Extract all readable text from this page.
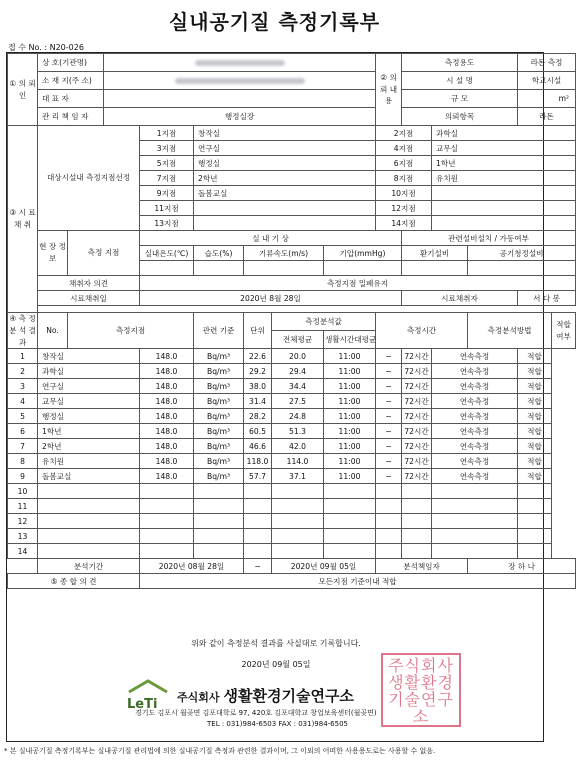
실내공기질 측정기록부
접 수 No. : N20-026
① 의 뢰 인	상 호(기관명)								② 의 뢰 내 용	측정용도			라돈 측정	
	소 재 지(주 소)									시 설 명			학교시설	
	대 표 자									규 모			m²	
	관 리 책 임 자		행정실장							의뢰항목			라돈	
③ 시 료 채 취	대상시설내 측정지점선정			1지점	창작실				2지점		과학실			
				3지점	연구실				4지점		교무실			
				5지점	행정실				6지점		1학년			
				7지점	2학년				8지점		유치원			
				9지점	돌봄교실				10지점					
				11지점					12지점					
				13지점					14지점					
	현 장 정 보	측정 지점		실 내 기 상						관련설비설치 / 가동여부				
				실내온도(℃)	습도(%)	기류속도(m/s)		기압(mmHg)		환기설비		공기청정설비		

	채취자 의견			측정지점 밀폐유지										
	시료채취일			2020년 8월 28일						시료채취자			서 다 봉	

④ 측 정 분 석 결 과	No.	측정지점			관련 기준	단위	측정분석값		측정시간			측정분석방법		적합 여부
							전체평균	생활시간대평균						
1	창작실			148.0	Bq/m³	22.6	20.0	11:00	~	72시간	연속측정		적합	
2	과학실			148.0	Bq/m³	29.2	29.4	11:00	~	72시간	연속측정		적합	
3	연구실			148.0	Bq/m³	38.0	34.4	11:00	~	72시간	연속측정		적합	
4	교무실			148.0	Bq/m³	31.4	27.5	11:00	~	72시간	연속측정		적합	
5	행정실			148.0	Bq/m³	28.2	24.8	11:00	~	72시간	연속측정		적합	
6	1학년			148.0	Bq/m³	60.5	51.3	11:00	~	72시간	연속측정		적합	
7	2학년			148.0	Bq/m³	46.6	42.0	11:00	~	72시간	연속측정		적합	
8	유치원			148.0	Bq/m³	118.0	114.0	11:00	~	72시간	연속측정		적합	
9	돌봄교실			148.0	Bq/m³	57.7	37.1	11:00	~	72시간	연속측정		적합	
10														
11														
12														
13														
14														
	분석기간	2020년 08월 28일	~	2020년 09월 05일	분석책임자	장 하 나
⑤ 종 합 의 견		모든지점 기준이내 적합				
위와 같이 측정분석 결과를 사실대로 기록합니다.
2020년 09월 05일
LeTi 주식회사 생활환경기술연구소
경기도 김포시 월곶면 김포대학로 97, 420호 김포대학교 창업보육센터(월곶면)
TEL : 031)984-6503 FAX : 031)984-6505
주식회사
생활환경
기술연구소
* 본 실내공기질 측정기록부는 실내공기질 관리법에 의한 실내공기질 측정과 관련한 결과이며, 그 이외의 어떠한 사용용도로는 사용할 수 없음.
